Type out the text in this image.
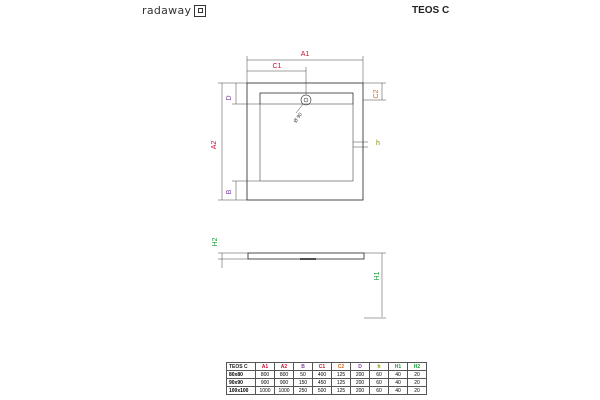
radaway	TEOS C
A1
C1
A2
D
B
C2
h
Ø 90
H2
H1
TEOS C	A1	A2	B	C1	C2	D	h	H1	H2
80x80	800	800	50	400	125	200	60	40	20
90x90	900	900	150	450	125	200	60	40	20
100x100	1000	1000	250	500	125	200	60	40	20
